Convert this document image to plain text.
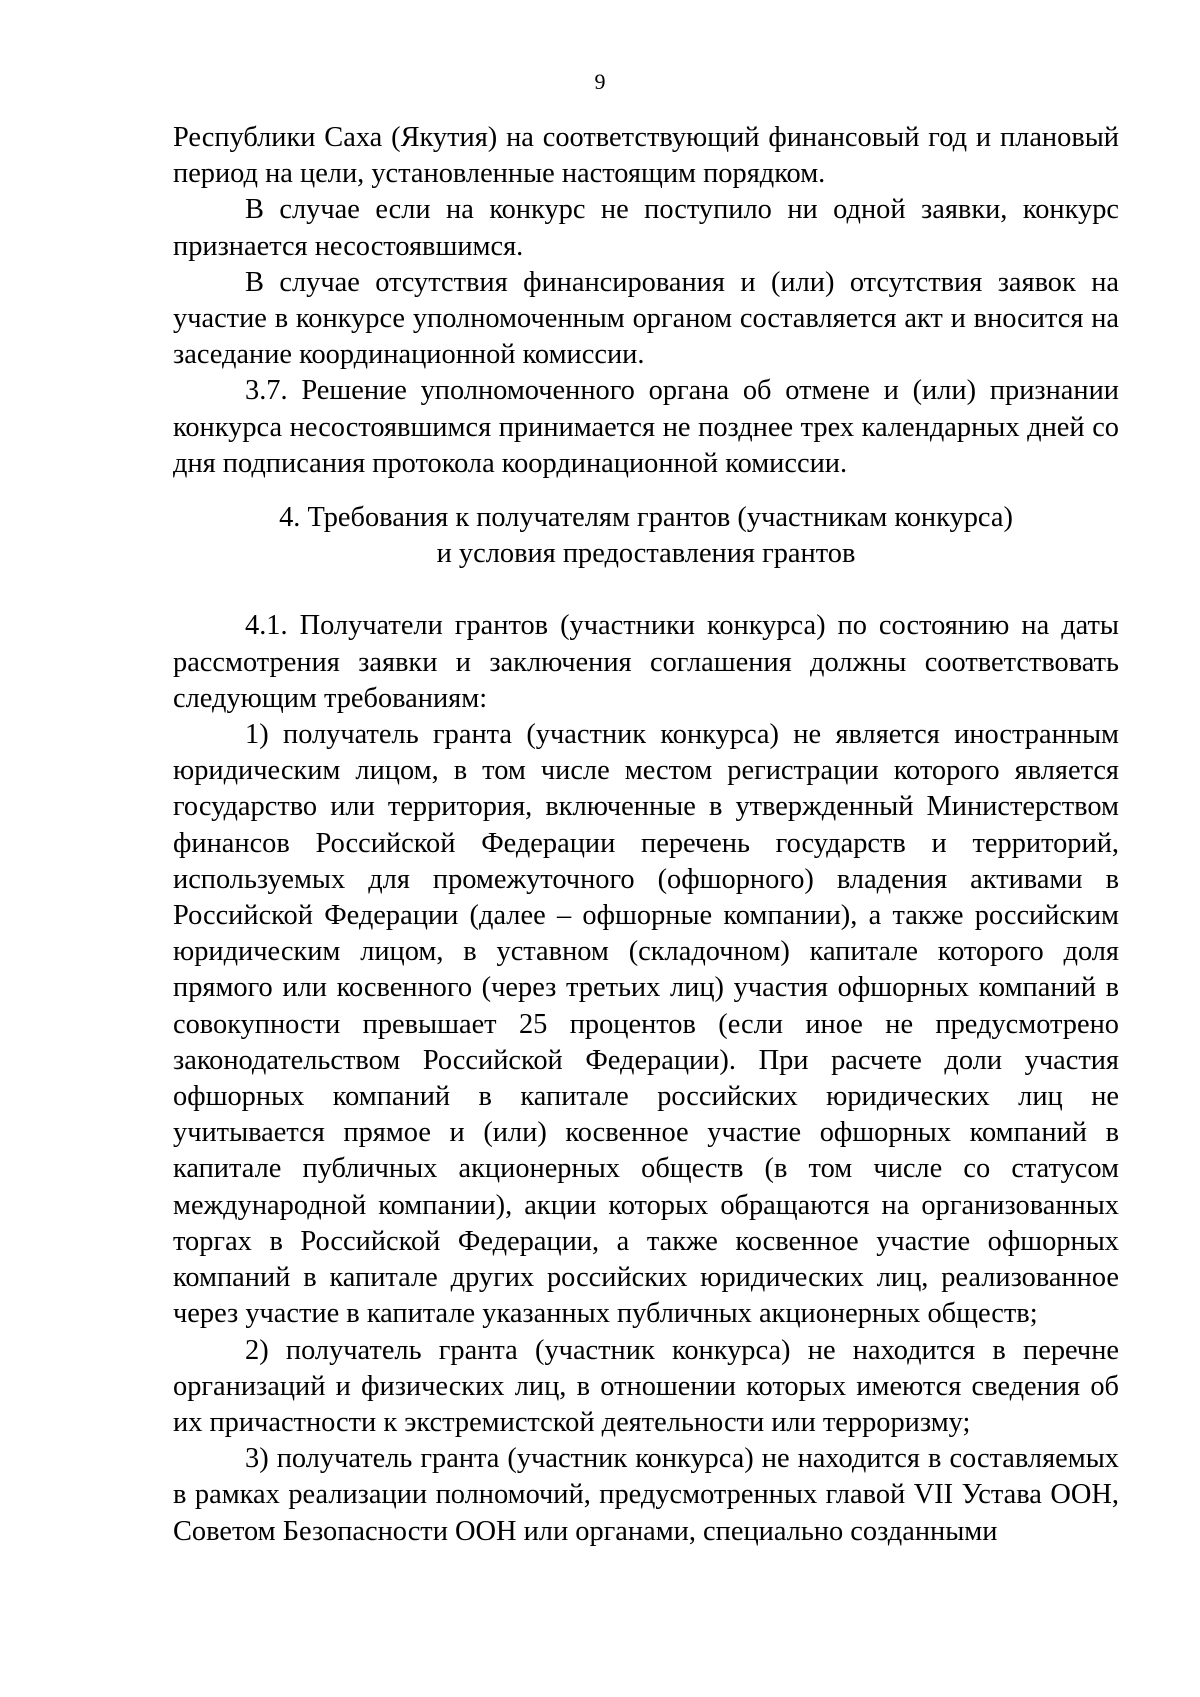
9

Республики Саха (Якутия) на соответствующий финансовый год и плановый период на цели, установленные настоящим порядком.

В случае если на конкурс не поступило ни одной заявки, конкурс признается несостоявшимся.

В случае отсутствия финансирования и (или) отсутствия заявок на участие в конкурсе уполномоченным органом составляется акт и вносится на заседание координационной комиссии.

3.7. Решение уполномоченного органа об отмене и (или) признании конкурса несостоявшимся принимается не позднее трех календарных дней со дня подписания протокола координационной комиссии.

4. Требования к получателям грантов (участникам конкурса)

и условия предоставления грантов

4.1. Получатели грантов (участники конкурса) по состоянию на даты рассмотрения заявки и заключения соглашения должны соответствовать следующим требованиям:

1) получатель гранта (участник конкурса) не является иностранным юридическим лицом, в том числе местом регистрации которого является государство или территория, включенные в утвержденный Министерством финансов Российской Федерации перечень государств и территорий, используемых для промежуточного (офшорного) владения активами в Российской Федерации (далее – офшорные компании), а также российским юридическим лицом, в уставном (складочном) капитале которого доля прямого или косвенного (через третьих лиц) участия офшорных компаний в совокупности превышает 25 процентов (если иное не предусмотрено законодательством Российской Федерации). При расчете доли участия офшорных компаний в капитале российских юридических лиц не учитывается прямое и (или) косвенное участие офшорных компаний в капитале публичных акционерных обществ (в том числе со статусом международной компании), акции которых обращаются на организованных торгах в Российской Федерации, а также косвенное участие офшорных компаний в капитале других российских юридических лиц, реализованное через участие в капитале указанных публичных акционерных обществ;

2) получатель гранта (участник конкурса) не находится в перечне организаций и физических лиц, в отношении которых имеются сведения об их причастности к экстремистской деятельности или терроризму;

3) получатель гранта (участник конкурса) не находится в составляемых в рамках реализации полномочий, предусмотренных главой VII Устава ООН, Советом Безопасности ООН или органами, специально созданными
